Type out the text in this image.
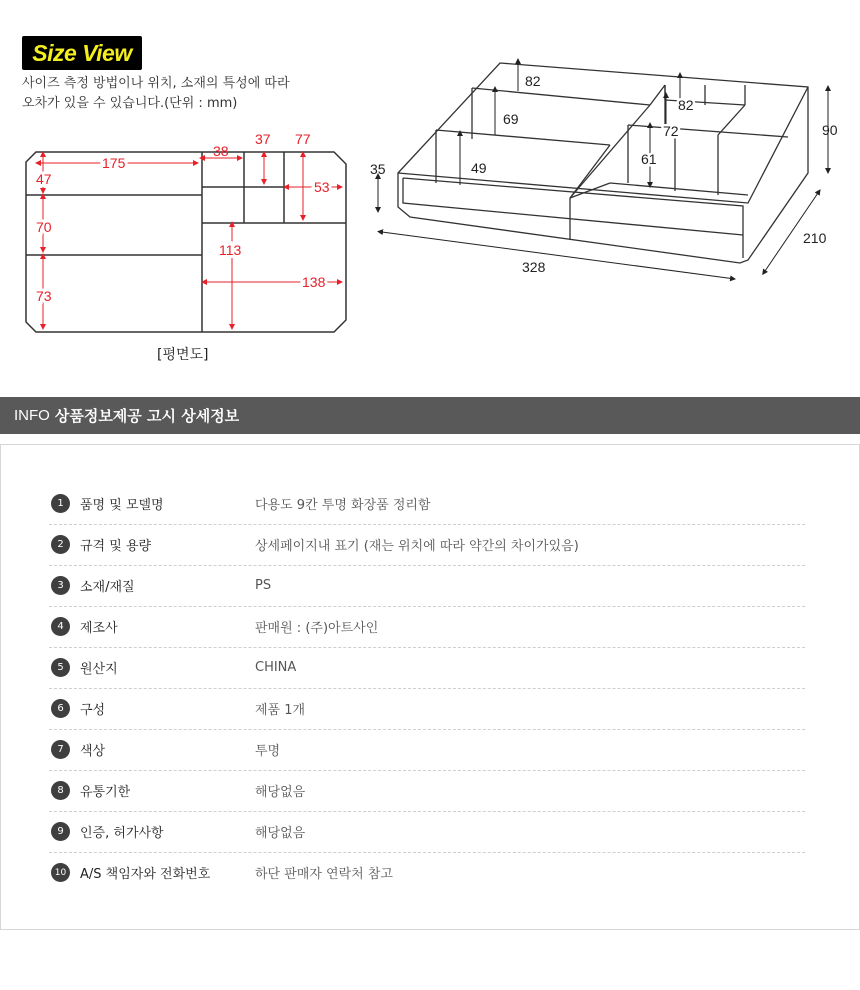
Size View
사이즈 측정 방법이나 위치, 소재의 특성에 따라
오차가 있을 수 있습니다.(단위 : mm)
175
38
37 77
53
47
70
113
73
138
[평면도]
82
69
82
72	90
35	49
61
210
328
INFO 상품정보제공 고시 상세정보
1	품명 및 모델명	다용도 9칸 투명 화장품 정리함
2	규격 및 용량	상세페이지내 표기 (재는 위치에 따라 약간의 차이가있음)
3	소재/재질	PS
4	제조사	판매원 : (주)아트사인
5	원산지	CHINA
6	구성	제품 1개
7	색상	투명
8	유통기한	해당없음
9	인증, 허가사항	해당없음
10 A/S 책임자와 전화번호	하단 판매자 연락처 참고
